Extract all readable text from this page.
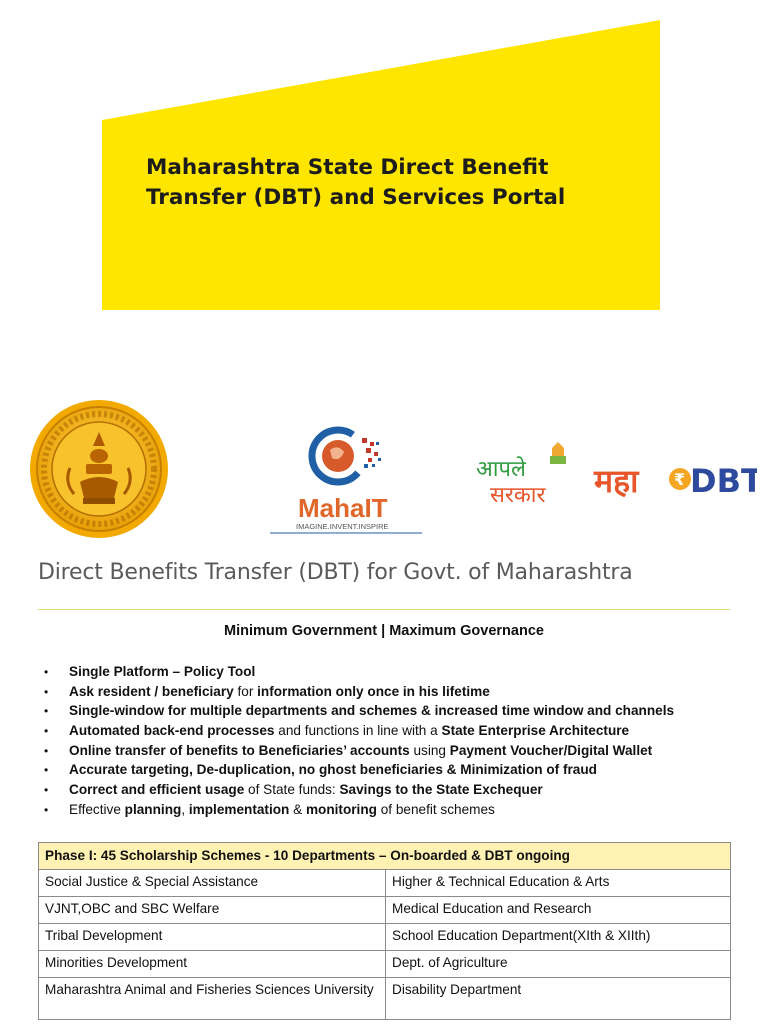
Maharashtra State Direct Benefit
Transfer (DBT) and Services Portal
MahaIT
IMAGINE.INVENT.INSPIRE
आपले
सरकार महा ₹ DBT
Direct Benefits Transfer (DBT) for Govt. of Maharashtra
Minimum Government | Maximum Governance
• Single Platform – Policy Tool
• Ask resident / beneficiary for information only once in his lifetime
• Single-window for multiple departments and schemes & increased time window and channels
• Automated back-end processes and functions in line with a State Enterprise Architecture
• Online transfer of benefits to Beneficiaries’ accounts using Payment Voucher/Digital Wallet
• Accurate targeting, De-duplication, no ghost beneficiaries & Minimization of fraud
• Correct and efficient usage of State funds: Savings to the State Exchequer
• Effective planning, implementation & monitoring of benefit schemes
Phase I: 45 Scholarship Schemes - 10 Departments – On-boarded & DBT ongoing	
Social Justice & Special Assistance	Higher & Technical Education & Arts
VJNT,OBC and SBC Welfare	Medical Education and Research
Tribal Development	School Education Department(XIth & XIIth)
Minorities Development	Dept. of Agriculture
Maharashtra Animal and Fisheries Sciences University	Disability Department
